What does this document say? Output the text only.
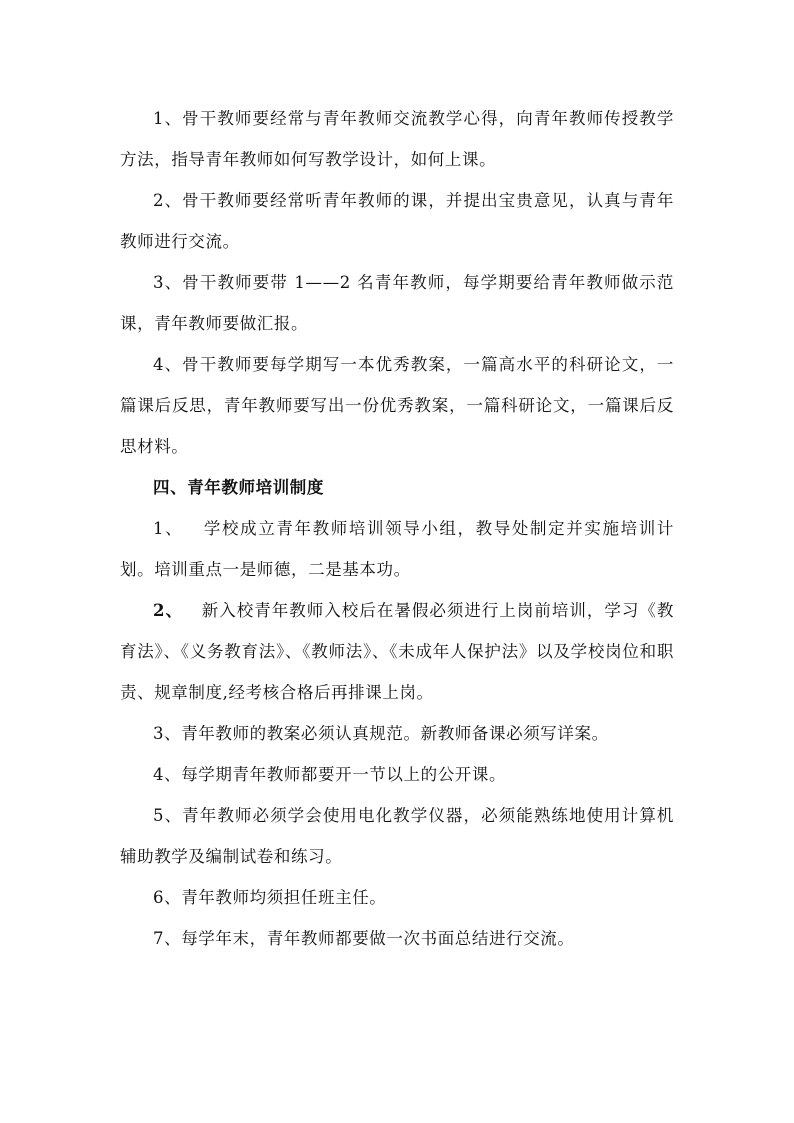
1、骨干教师要经常与青年教师交流教学心得，向青年教师传授教学方法，指导青年教师如何写教学设计，如何上课。

2、骨干教师要经常听青年教师的课，并提出宝贵意见，认真与青年教师进行交流。

3、骨干教师要带 1——2 名青年教师，每学期要给青年教师做示范课，青年教师要做汇报。

4、骨干教师要每学期写一本优秀教案，一篇高水平的科研论文，一篇课后反思，青年教师要写出一份优秀教案，一篇科研论文，一篇课后反思材料。

四、青年教师培训制度

1、 学校成立青年教师培训领导小组，教导处制定并实施培训计划。培训重点一是师德，二是基本功。

2、 新入校青年教师入校后在暑假必须进行上岗前培训，学习《教育法》、《义务教育法》、《教师法》、《未成年人保护法》以及学校岗位和职责、规章制度,经考核合格后再排课上岗。

3、青年教师的教案必须认真规范。新教师备课必须写详案。

4、每学期青年教师都要开一节以上的公开课。

5、青年教师必须学会使用电化教学仪器，必须能熟练地使用计算机辅助教学及编制试卷和练习。

6、青年教师均须担任班主任。

7、每学年末，青年教师都要做一次书面总结进行交流。
